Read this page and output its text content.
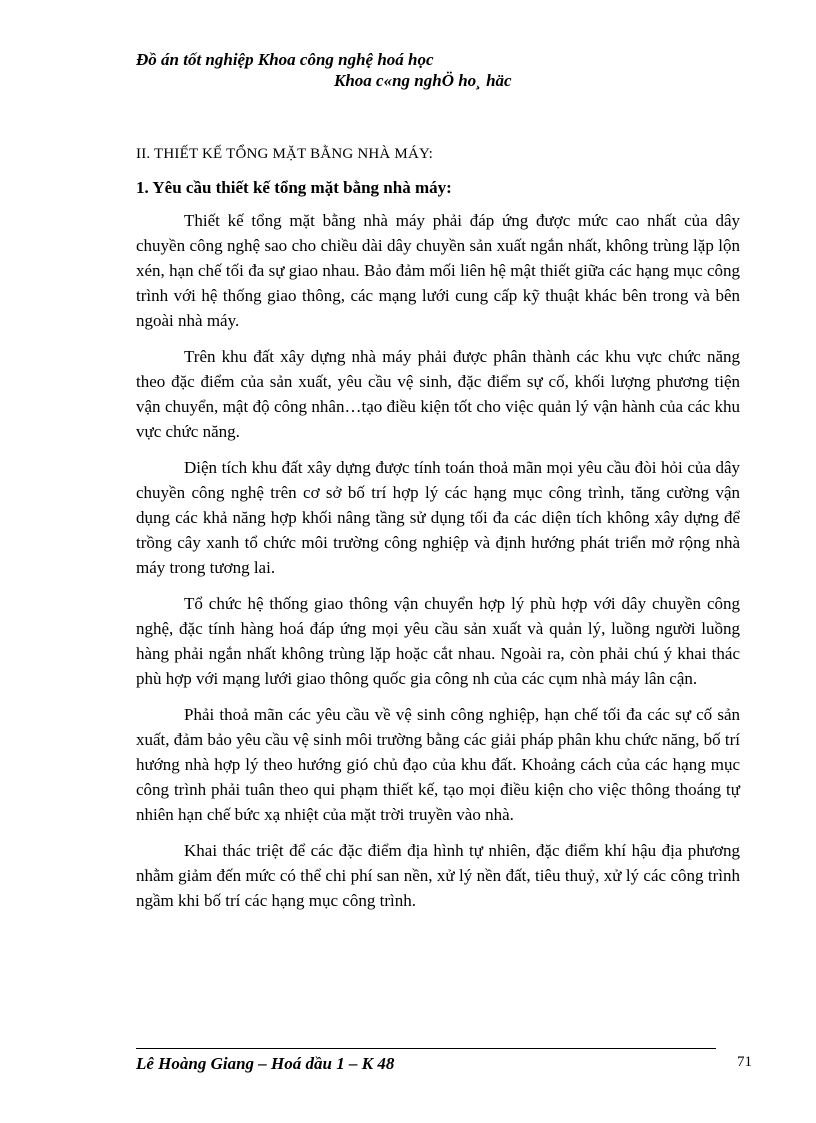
Đồ án tốt nghiệp Khoa công nghệ hoá học
Khoa c«ng nghÖ ho¸ häc
II. THIẾT KẾ TỔNG MẶT BẰNG NHÀ MÁY:
1. Yêu cầu thiết kế tổng mặt bằng nhà máy:

Thiết kế tổng mặt bằng nhà máy phải đáp ứng được mức cao nhất của dây chuyền công nghệ sao cho chiều dài dây chuyền sản xuất ngắn nhất, không trùng lặp lộn xén, hạn chế tối đa sự giao nhau. Bảo đảm mối liên hệ mật thiết giữa các hạng mục công trình với hệ thống giao thông, các mạng lưới cung cấp kỹ thuật khác bên trong và bên ngoài nhà máy.

Trên khu đất xây dựng nhà máy phải được phân thành các khu vực chức năng theo đặc điểm của sản xuất, yêu cầu vệ sinh, đặc điểm sự cố, khối lượng phương tiện vận chuyển, mật độ công nhân…tạo điều kiện tốt cho việc quản lý vận hành của các khu vực chức năng.

Diện tích khu đất xây dựng được tính toán thoả mãn mọi yêu cầu đòi hỏi của dây chuyền công nghệ trên cơ sở bố trí hợp lý các hạng mục công trình, tăng cường vận dụng các khả năng hợp khối nâng tầng sử dụng tối đa các diện tích không xây dựng để trồng cây xanh tổ chức môi trường công nghiệp và định hướng phát triển mở rộng nhà máy trong tương lai.

Tổ chức hệ thống giao thông vận chuyển hợp lý phù hợp với dây chuyền công nghệ, đặc tính hàng hoá đáp ứng mọi yêu cầu sản xuất và quản lý, luồng người luồng hàng phải ngắn nhất không trùng lặp hoặc cắt nhau. Ngoài ra, còn phải chú ý khai thác phù hợp với mạng lưới giao thông quốc gia công nh của các cụm nhà máy lân cận.

Phải thoả mãn các yêu cầu về vệ sinh công nghiệp, hạn chế tối đa các sự cố sản xuất, đảm bảo yêu cầu vệ sinh môi trường bằng các giải pháp phân khu chức năng, bố trí hướng nhà hợp lý theo hướng gió chủ đạo của khu đất. Khoảng cách của các hạng mục công trình phải tuân theo qui phạm thiết kế, tạo mọi điều kiện cho việc thông thoáng tự nhiên hạn chế bức xạ nhiệt của mặt trời truyền vào nhà.

Khai thác triệt để các đặc điểm địa hình tự nhiên, đặc điểm khí hậu địa phương nhằm giảm đến mức có thể chi phí san nền, xử lý nền đất, tiêu thuỷ, xử lý các công trình ngầm khi bố trí các hạng mục công trình.

Lê Hoàng Giang – Hoá dầu 1 – K 48	71
